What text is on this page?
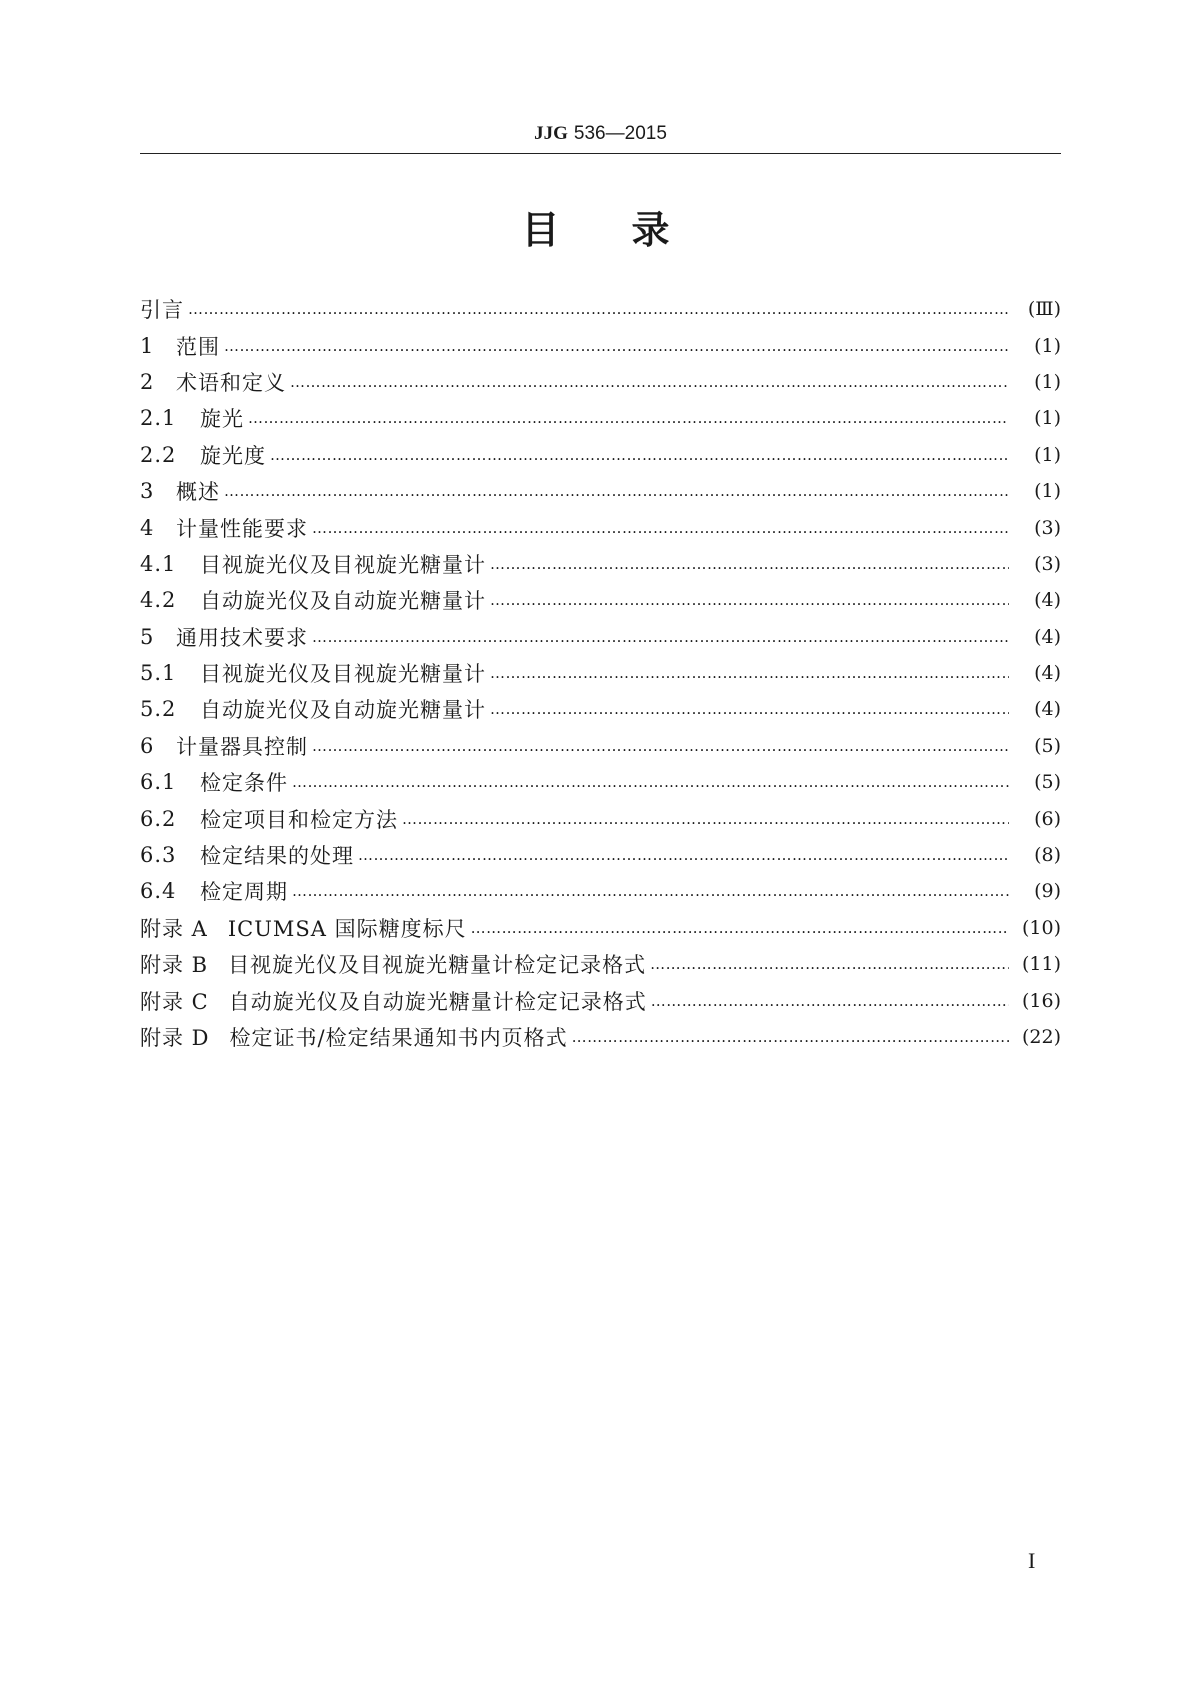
JJG 536—2015
目录
引言 ……………………………………………………………………………………………………………………………………………………………………	(Ⅲ)
1	范围 ……………………………………………………………………………………………………………………………………………………………………	(1)
2	术语和定义 ……………………………………………………………………………………………………………………………………………………………………	(1)
2.1	旋光 ……………………………………………………………………………………………………………………………………………………………………	(1)
2.2	旋光度 ……………………………………………………………………………………………………………………………………………………………………	(1)
3	概述 ……………………………………………………………………………………………………………………………………………………………………	(1)
4	计量性能要求 ……………………………………………………………………………………………………………………………………………………………………	(3)
4.1	目视旋光仪及目视旋光糖量计 ……………………………………………………………………………………………………………………………………………………………………	(3)
4.2	自动旋光仪及自动旋光糖量计 ……………………………………………………………………………………………………………………………………………………………………	(4)
5	通用技术要求 ……………………………………………………………………………………………………………………………………………………………………	(4)
5.1	目视旋光仪及目视旋光糖量计 ……………………………………………………………………………………………………………………………………………………………………	(4)
5.2	自动旋光仪及自动旋光糖量计 ……………………………………………………………………………………………………………………………………………………………………	(4)
6	计量器具控制 ……………………………………………………………………………………………………………………………………………………………………	(5)
6.1	检定条件 ……………………………………………………………………………………………………………………………………………………………………	(5)
6.2	检定项目和检定方法 ……………………………………………………………………………………………………………………………………………………………………	(6)
6.3	检定结果的处理 ……………………………………………………………………………………………………………………………………………………………………	(8)
6.4	检定周期 ……………………………………………………………………………………………………………………………………………………………………	(9)
附录 A ICUMSA 国际糖度标尺 ……………………………………………………………………………………………………………………………………………………………………	(10)
附录 B 目视旋光仪及目视旋光糖量计检定记录格式 ……………………………………………………………………………………………………………………………………………………………………	(11)
附录 C 自动旋光仪及自动旋光糖量计检定记录格式 ……………………………………………………………………………………………………………………………………………………………………	(16)
附录 D 检定证书/检定结果通知书内页格式 ……………………………………………………………………………………………………………………………………………………………………	(22)
I
